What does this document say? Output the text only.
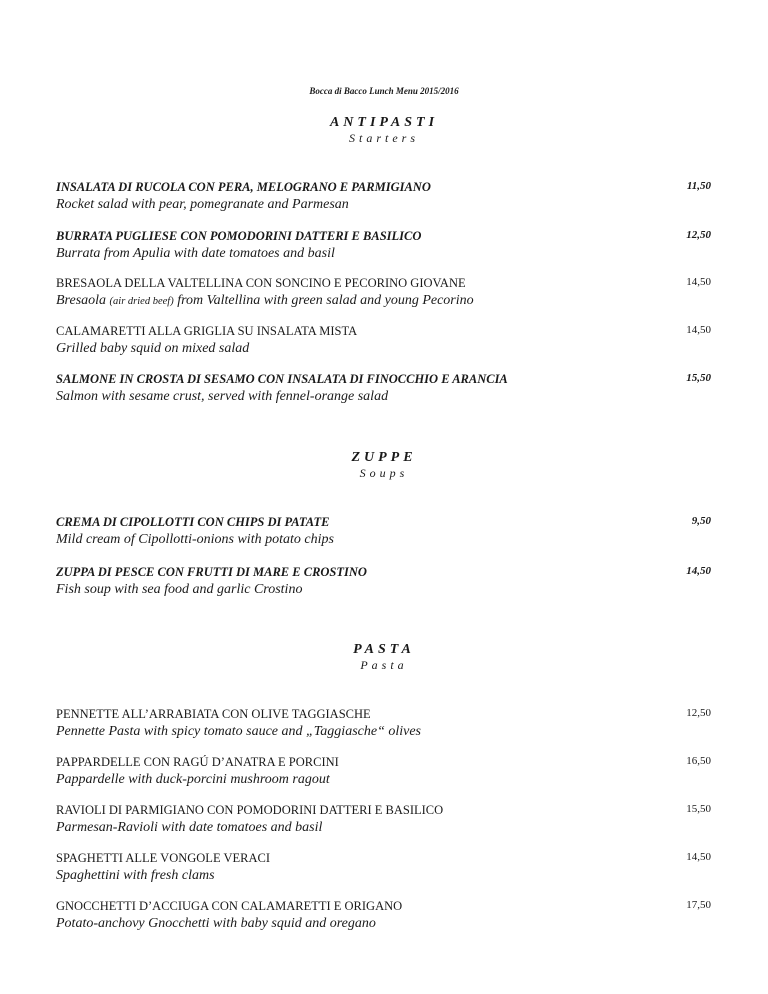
Bocca di Bacco Lunch Menu 2015/2016
ANTIPASTI
Starters
INSALATA DI RUCOLA CON PERA, MELOGRANO E PARMIGIANO
Rocket salad with pear, pomegranate and Parmesan
11,50
BURRATA PUGLIESE CON POMODORINI DATTERI E BASILICO
Burrata from Apulia with date tomatoes and basil
12,50
BRESAOLA DELLA VALTELLINA CON SONCINO E PECORINO GIOVANE
Bresaola (air dried beef) from Valtellina with green salad and young Pecorino
14,50
CALAMARETTI ALLA GRIGLIA SU INSALATA MISTA
Grilled baby squid on mixed salad
14,50
SALMONE IN CROSTA DI SESAMO CON INSALATA DI FINOCCHIO E ARANCIA
Salmon with sesame crust, served with fennel-orange salad
15,50
ZUPPE
Soups
CREMA DI CIPOLLOTTI CON CHIPS DI PATATE
Mild cream of Cipollotti-onions with potato chips
9,50
ZUPPA DI PESCE CON FRUTTI DI MARE E CROSTINO
Fish soup with sea food and garlic Crostino
14,50
PASTA
Pasta
PENNETTE ALL’ARRABIATA CON OLIVE TAGGIASCHE
Pennette Pasta with spicy tomato sauce and „Taggiasche“ olives
12,50
PAPPARDELLE CON RAGÚ D’ANATRA E PORCINI
Pappardelle with duck-porcini mushroom ragout
16,50
RAVIOLI DI PARMIGIANO CON POMODORINI DATTERI E BASILICO
Parmesan-Ravioli with date tomatoes and basil
15,50
SPAGHETTI ALLE VONGOLE VERACI
Spaghettini with fresh clams
14,50
GNOCCHETTI D’ACCIUGA CON CALAMARETTI E ORIGANO
Potato-anchovy Gnocchetti with baby squid and oregano
17,50
